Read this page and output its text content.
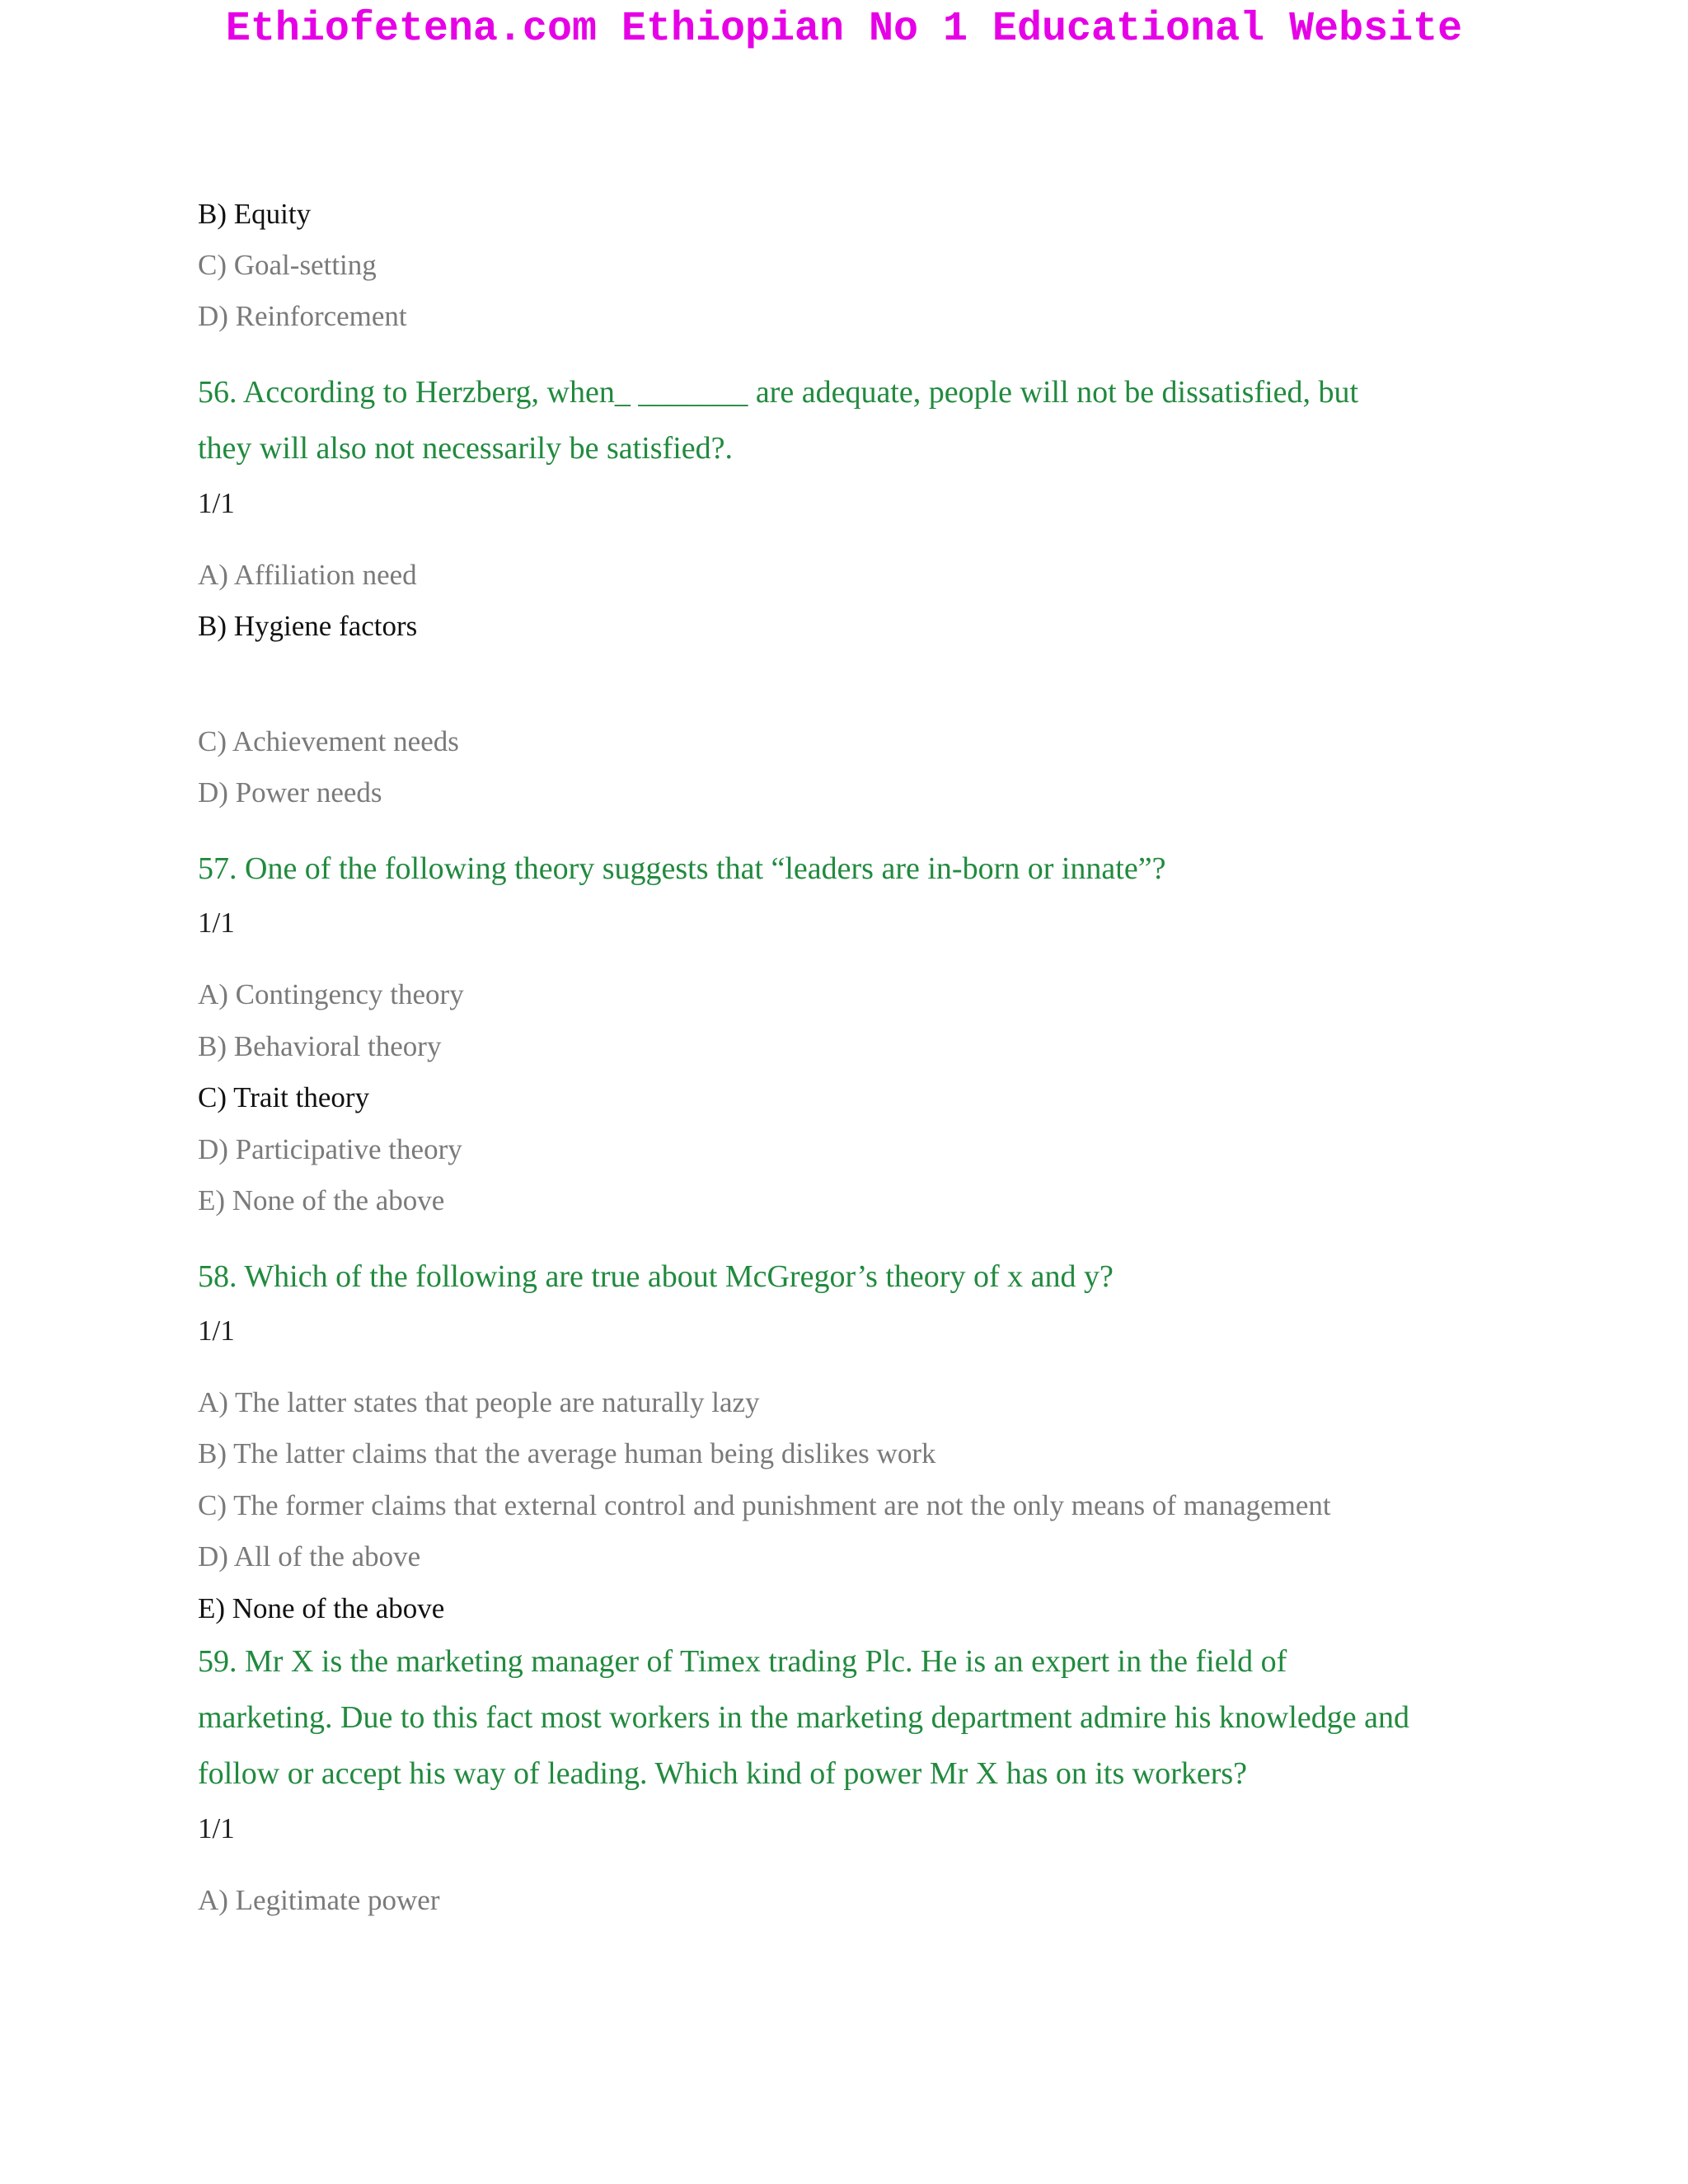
Ethiofetena.com Ethiopian No 1 Educational Website
B) Equity
C) Goal-setting
D) Reinforcement
56. According to Herzberg, when_ _______ are adequate, people will not be dissatisfied, but
they will also not necessarily be satisfied?.
1/1
A) Affiliation need
B) Hygiene factors
C) Achievement needs
D) Power needs
57. One of the following theory suggests that “leaders are in-born or innate”?
1/1
A) Contingency theory
B) Behavioral theory
C) Trait theory
D) Participative theory
E) None of the above
58. Which of the following are true about McGregor’s theory of x and y?
1/1
A) The latter states that people are naturally lazy
B) The latter claims that the average human being dislikes work
C) The former claims that external control and punishment are not the only means of management
D) All of the above
E) None of the above
59. Mr X is the marketing manager of Timex trading Plc. He is an expert in the field of
marketing. Due to this fact most workers in the marketing department admire his knowledge and
follow or accept his way of leading. Which kind of power Mr X has on its workers?
1/1
A) Legitimate power
